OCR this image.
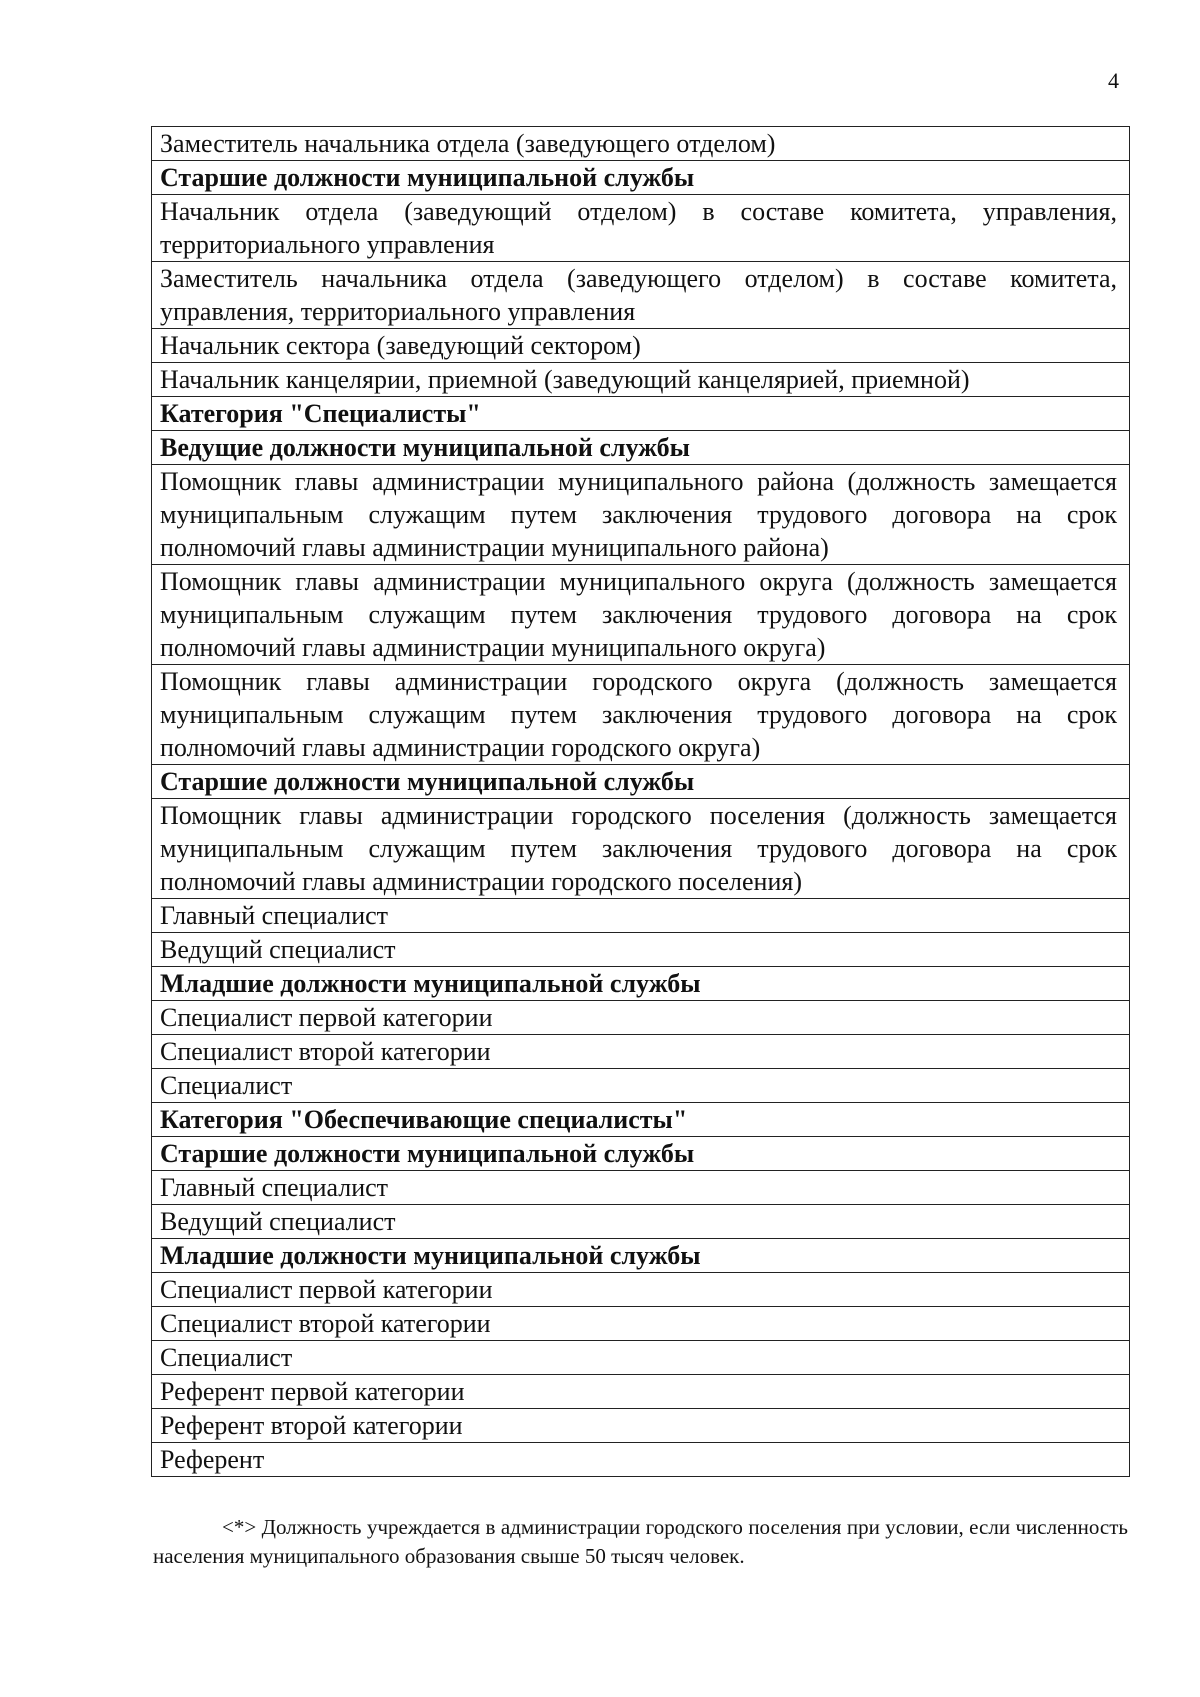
4
Заместитель начальника отдела (заведующего отделом)
Старшие должности муниципальной службы
Начальник отдела (заведующий отделом) в составе комитета, управления, территориального управления
Заместитель начальника отдела (заведующего отделом) в составе комитета, управления, территориального управления
Начальник сектора (заведующий сектором)
Начальник канцелярии, приемной (заведующий канцелярией, приемной)
Категория "Специалисты"
Ведущие должности муниципальной службы
Помощник главы администрации муниципального района (должность замещается муниципальным служащим путем заключения трудового договора на срок полномочий главы администрации муниципального района)
Помощник главы администрации муниципального округа (должность замещается муниципальным служащим путем заключения трудового договора на срок полномочий главы администрации муниципального округа)
Помощник главы администрации городского округа (должность замещается муниципальным служащим путем заключения трудового договора на срок полномочий главы администрации городского округа)
Старшие должности муниципальной службы
Помощник главы администрации городского поселения (должность замещается муниципальным служащим путем заключения трудового договора на срок полномочий главы администрации городского поселения)
Главный специалист
Ведущий специалист
Младшие должности муниципальной службы
Специалист первой категории
Специалист второй категории
Специалист
Категория "Обеспечивающие специалисты"
Старшие должности муниципальной службы
Главный специалист
Ведущий специалист
Младшие должности муниципальной службы
Специалист первой категории
Специалист второй категории
Специалист
Референт первой категории
Референт второй категории
Референт

<*> Должность учреждается в администрации городского поселения при условии, если численность населения муниципального образования свыше 50 тысяч человек.
